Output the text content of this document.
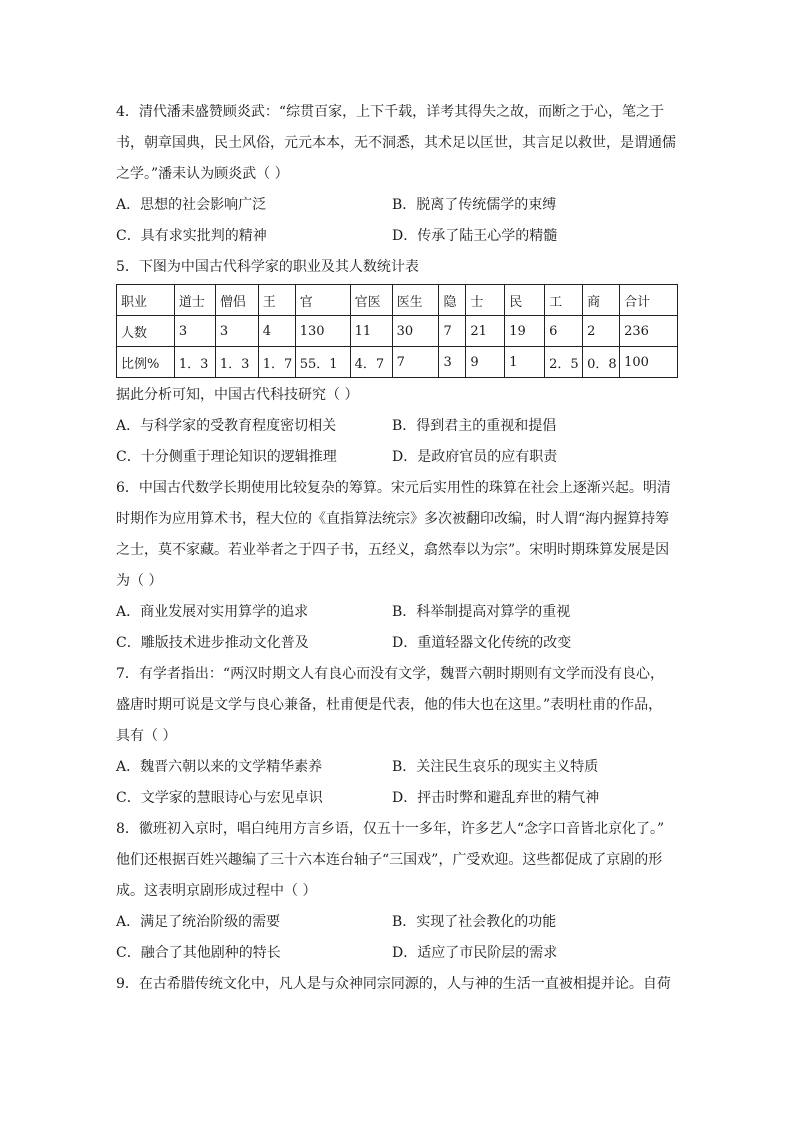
4．清代潘耒盛赞顾炎武：“综贯百家，上下千载，详考其得失之故，而断之于心，笔之于

书，朝章国典，民土风俗，元元本本，无不洞悉，其术足以匡世，其言足以救世，是谓通儒

之学。”潘耒认为顾炎武（ ）

A．思想的社会影响广泛	B．脱离了传统儒学的束缚
C．具有求实批判的精神	D．传承了陆王心学的精髓

5．下图为中国古代科学家的职业及其人数统计表

职业	道士	僧侣	王	官	官医	医生	隐	士	民	工	商	合计
人数	3	3	4	130	11	30	7	21	19	6	2	236
比例%	1．3	1．3	1．7	55．1	4．7	7	3	9	1	2．5	0．8	100

据此分析可知，中国古代科技研究（ ）

A．与科学家的受教育程度密切相关	B．得到君主的重视和提倡
C．十分侧重于理论知识的逻辑推理	D．是政府官员的应有职责

6．中国古代数学长期使用比较复杂的筹算。宋元后实用性的珠算在社会上逐渐兴起。明清

时期作为应用算术书，程大位的《直指算法统宗》多次被翻印改编，时人谓“海内握算持筹

之士，莫不家藏。若业举者之于四子书，五经义，翕然奉以为宗”。宋明时期珠算发展是因

为（ ）

A．商业发展对实用算学的追求	B．科举制提高对算学的重视
C．雕版技术进步推动文化普及	D．重道轻器文化传统的改变

7．有学者指出：“两汉时期文人有良心而没有文学，魏晋六朝时期则有文学而没有良心，

盛唐时期可说是文学与良心兼备，杜甫便是代表，他的伟大也在这里。”表明杜甫的作品，

具有（ ）

A．魏晋六朝以来的文学精华素养	B．关注民生哀乐的现实主义特质
C．文学家的慧眼诗心与宏见卓识	D．抨击时弊和避乱弃世的精气神

8．徽班初入京时，唱白纯用方言乡语，仅五十一多年，许多艺人“念字口音皆北京化了。”

他们还根据百姓兴趣编了三十六本连台轴子“三国戏”，广受欢迎。这些都促成了京剧的形

成。这表明京剧形成过程中（ ）

A．满足了统治阶级的需要	B．实现了社会教化的功能
C．融合了其他剧种的特长	D．适应了市民阶层的需求

9．在古希腊传统文化中，凡人是与众神同宗同源的，人与神的生活一直被相提并论。自荷
